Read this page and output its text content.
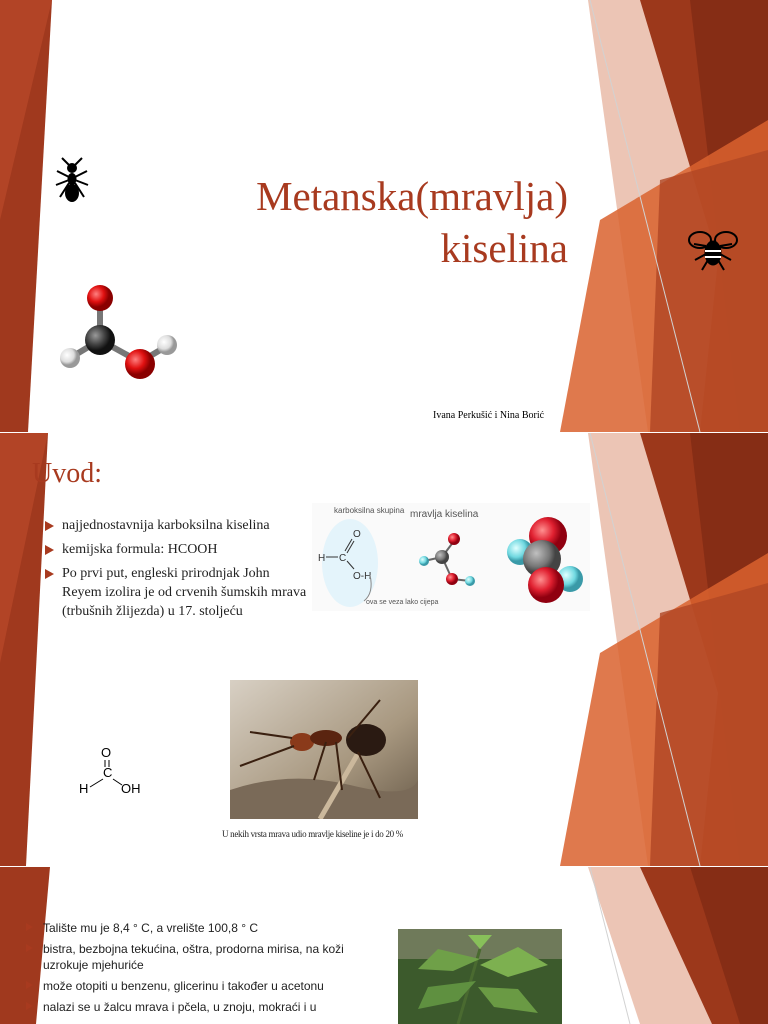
Metanska(mravlja)
kiselina
Ivana Perkušić i Nina Borić
Uvod:
najjednostavnija karboksilna kiselina
kemijska formula: HCOOH
Po prvi put, engleski prirodnjak John Reyem izolira je od crvenih šumskih mrava (trbušnih žlijezda) u 17. stoljeću
karboksilna skupina mravlja kiselina
H C
O
O-H
ova se veza lako cijepa
O
C
H	OH
U nekih vrsta mrava udio mravlje kiseline je i do 20 %
Talište mu je 8,4 ° C, a vrelište 100,8 ° C
bistra, bezbojna tekućina, oštra, prodorna mirisa, na koži uzrokuje mjehuriće
može otopiti u benzenu, glicerinu i također u acetonu
nalazi se u žalcu mrava i pčela, u znoju, mokraći i u
